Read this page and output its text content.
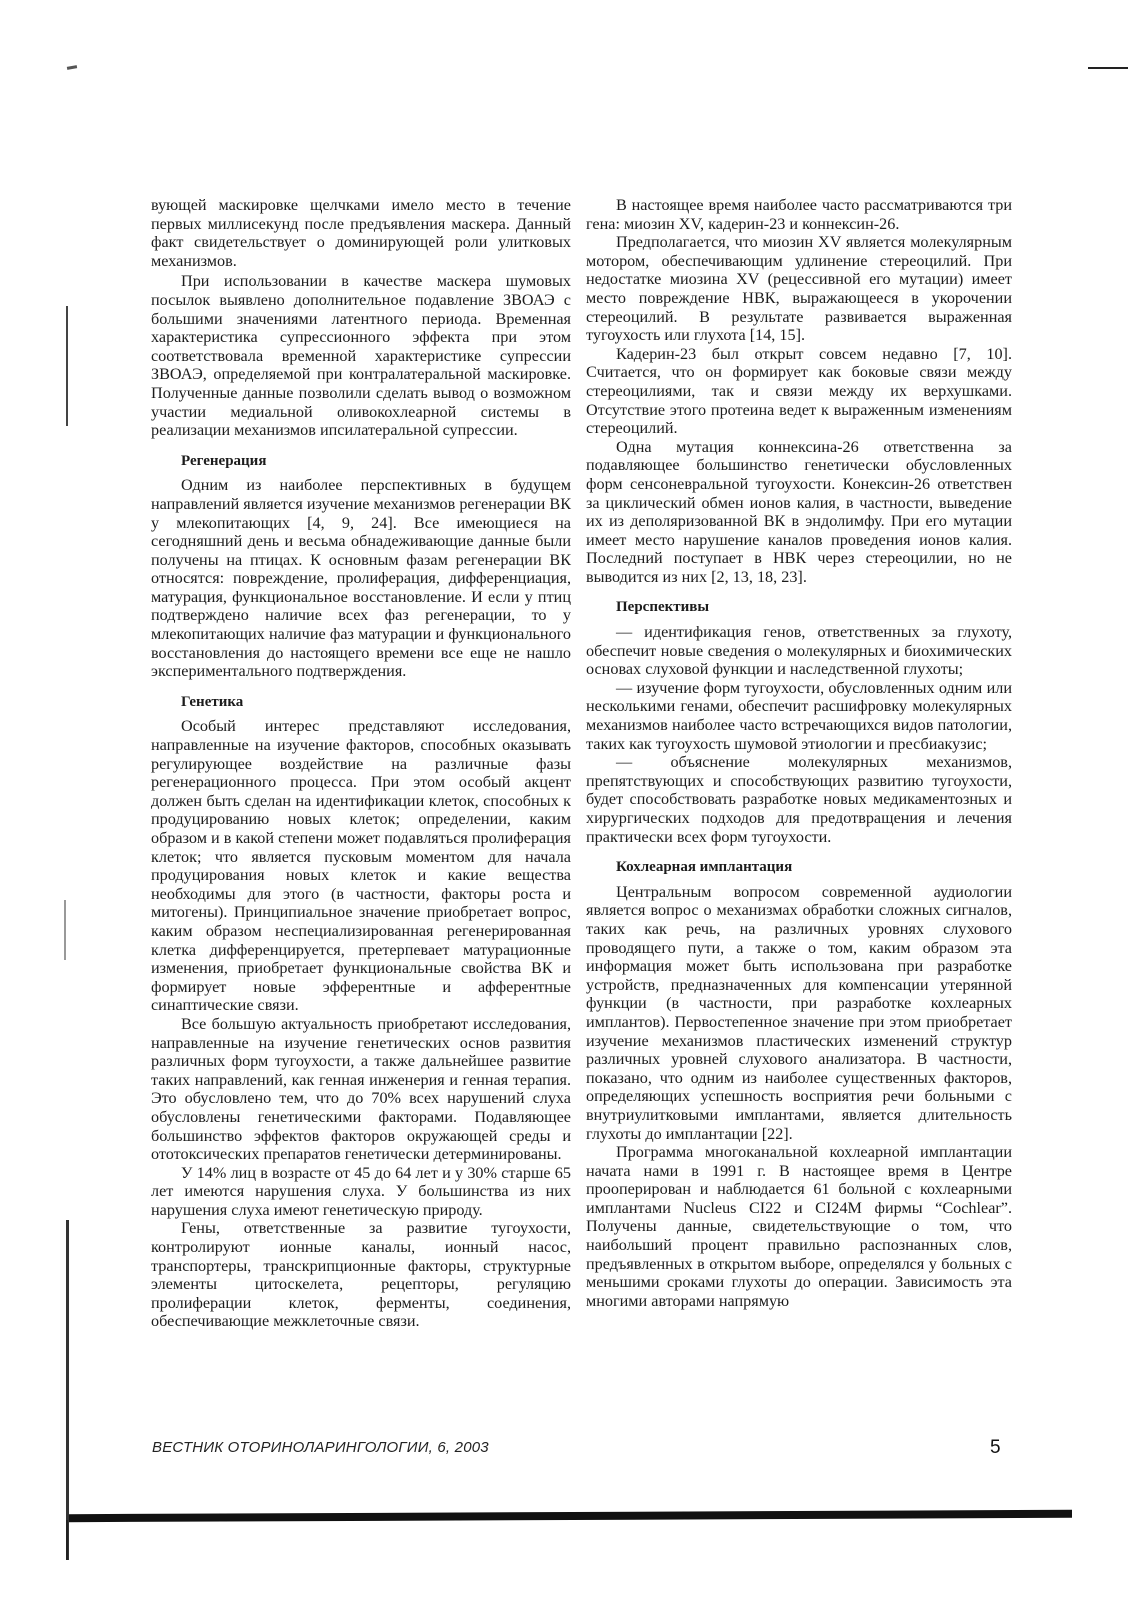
вующей маскировке щелчками имело место в течение первых миллисекунд после предъявления маскера. Данный факт свидетельствует о доминирующей роли улитковых механизмов.

При использовании в качестве маскера шумовых посылок выявлено дополнительное подавление ЗВОАЭ с большими значениями латентного периода. Временная характеристика супрессионного эффекта при этом соответствовала временной характеристике супрессии ЗВОАЭ, определяемой при контралатеральной маскировке. Полученные данные позволили сделать вывод о возможном участии медиальной оливокохлеарной системы в реализации механизмов ипсилатеральной супрессии.

Регенерация

Одним из наиболее перспективных в будущем направлений является изучение механизмов регенерации ВК у млекопитающих [4, 9, 24]. Все имеющиеся на сегодняшний день и весьма обнадеживающие данные были получены на птицах. К основным фазам регенерации ВК относятся: повреждение, пролиферация, дифференциация, матурация, функциональное восстановление. И если у птиц подтверждено наличие всех фаз регенерации, то у млекопитающих наличие фаз матурации и функционального восстановления до настоящего времени все еще не нашло экспериментального подтверждения.

Генетика

Особый интерес представляют исследования, направленные на изучение факторов, способных оказывать регулирующее воздействие на различные фазы регенерационного процесса. При этом особый акцент должен быть сделан на идентификации клеток, способных к продуцированию новых клеток; определении, каким образом и в какой степени может подавляться пролиферация клеток; что является пусковым моментом для начала продуцирования новых клеток и какие вещества необходимы для этого (в частности, факторы роста и митогены). Принципиальное значение приобретает вопрос, каким образом неспециализированная регенерированная клетка дифференцируется, претерпевает матурационные изменения, приобретает функциональные свойства ВК и формирует новые эфферентные и афферентные синаптические связи.

Все большую актуальность приобретают исследования, направленные на изучение генетических основ развития различных форм тугоухости, а также дальнейшее развитие таких направлений, как генная инженерия и генная терапия. Это обусловлено тем, что до 70% всех нарушений слуха обусловлены генетическими факторами. Подавляющее большинство эффектов факторов окружающей среды и ототоксических препаратов генетически детерминированы.

У 14% лиц в возрасте от 45 до 64 лет и у 30% старше 65 лет имеются нарушения слуха. У большинства из них нарушения слуха имеют генетическую природу.

Гены, ответственные за развитие тугоухости, контролируют ионные каналы, ионный насос, транспортеры, транскрипционные факторы, структурные элементы цитоскелета, рецепторы, регуляцию пролиферации клеток, ферменты, соединения, обеспечивающие межклеточные связи.

В настоящее время наиболее часто рассматриваются три гена: миозин XV, кадерин-23 и коннексин-26.

Предполагается, что миозин XV является молекулярным мотором, обеспечивающим удлинение стереоцилий. При недостатке миозина XV (рецессивной его мутации) имеет место повреждение НВК, выражающееся в укорочении стереоцилий. В результате развивается выраженная тугоухость или глухота [14, 15].

Кадерин-23 был открыт совсем недавно [7, 10]. Считается, что он формирует как боковые связи между стереоцилиями, так и связи между их верхушками. Отсутствие этого протеина ведет к выраженным изменениям стереоцилий.

Одна мутация коннексина-26 ответственна за подавляющее большинство генетически обусловленных форм сенсоневральной тугоухости. Конексин-26 ответствен за циклический обмен ионов калия, в частности, выведение их из деполяризованной ВК в эндолимфу. При его мутации имеет место нарушение каналов проведения ионов калия. Последний поступает в НВК через стереоцилии, но не выводится из них [2, 13, 18, 23].

Перспективы

— идентификация генов, ответственных за глухоту, обеспечит новые сведения о молекулярных и биохимических основах слуховой функции и наследственной глухоты;

— изучение форм тугоухости, обусловленных одним или несколькими генами, обеспечит расшифровку молекулярных механизмов наиболее часто встречающихся видов патологии, таких как тугоухость шумовой этиологии и пресбиакузис;

— объяснение молекулярных механизмов, препятствующих и способствующих развитию тугоухости, будет способствовать разработке новых медикаментозных и хирургических подходов для предотвращения и лечения практически всех форм тугоухости.

Кохлеарная имплантация

Центральным вопросом современной аудиологии является вопрос о механизмах обработки сложных сигналов, таких как речь, на различных уровнях слухового проводящего пути, а также о том, каким образом эта информация может быть использована при разработке устройств, предназначенных для компенсации утерянной функции (в частности, при разработке кохлеарных имплантов). Первостепенное значение при этом приобретает изучение механизмов пластических изменений структур различных уровней слухового анализатора. В частности, показано, что одним из наиболее существенных факторов, определяющих успешность восприятия речи больными с внутриулитковыми имплантами, является длительность глухоты до имплантации [22].

Программа многоканальной кохлеарной имплантации начата нами в 1991 г. В настоящее время в Центре прооперирован и наблюдается 61 больной с кохлеарными имплантами Nucleus CI22 и CI24M фирмы “Cochlear”. Получены данные, свидетельствующие о том, что наибольший процент правильно распознанных слов, предъявленных в открытом выборе, определялся у больных с меньшими сроками глухоты до операции. Зависимость эта многими авторами напрямую

ВЕСТНИК ОТОРИНОЛАРИНГОЛОГИИ, 6, 2003	5
